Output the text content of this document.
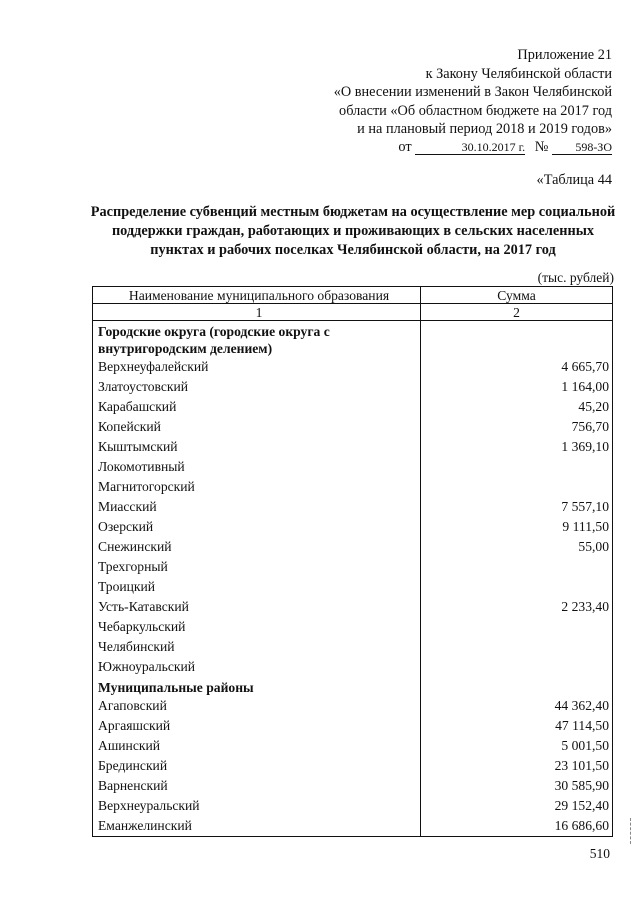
Приложение 21
к Закону Челябинской области
«О внесении изменений в Закон Челябинской
области «Об областном бюджете на 2017 год
и на плановый период 2018 и 2019 годов»
от	30.10.2017 г. № 598-ЗО
«Таблица 44
Распределение субвенций местным бюджетам на осуществление мер социальной поддержки граждан, работающих и проживающих в сельских населенных пунктах и рабочих поселках Челябинской области, на 2017 год
(тыс. рублей)
Наименование муниципального образования	Сумма
1	2
Городские округа (городские округа с внутригородским делением)	
Верхнеуфалейский	4 665,70
Златоустовский	1 164,00
Карабашский	45,20
Копейский	756,70
Кыштымский	1 369,10
Локомотивный	
Магнитогорский	
Миасский	7 557,10
Озерский	9 111,50
Снежинский	55,00
Трехгорный	
Троицкий	
Усть-Катавский	2 233,40
Чебаркульский	
Челябинский	
Южноуральский	
Муниципальные районы	
Агаповский	44 362,40
Аргаяшский	47 114,50
Ашинский	5 001,50
Брединский	23 101,50
Варненский	30 585,90
Верхнеуральский	29 152,40
Еманжелинский	16 686,60
510
